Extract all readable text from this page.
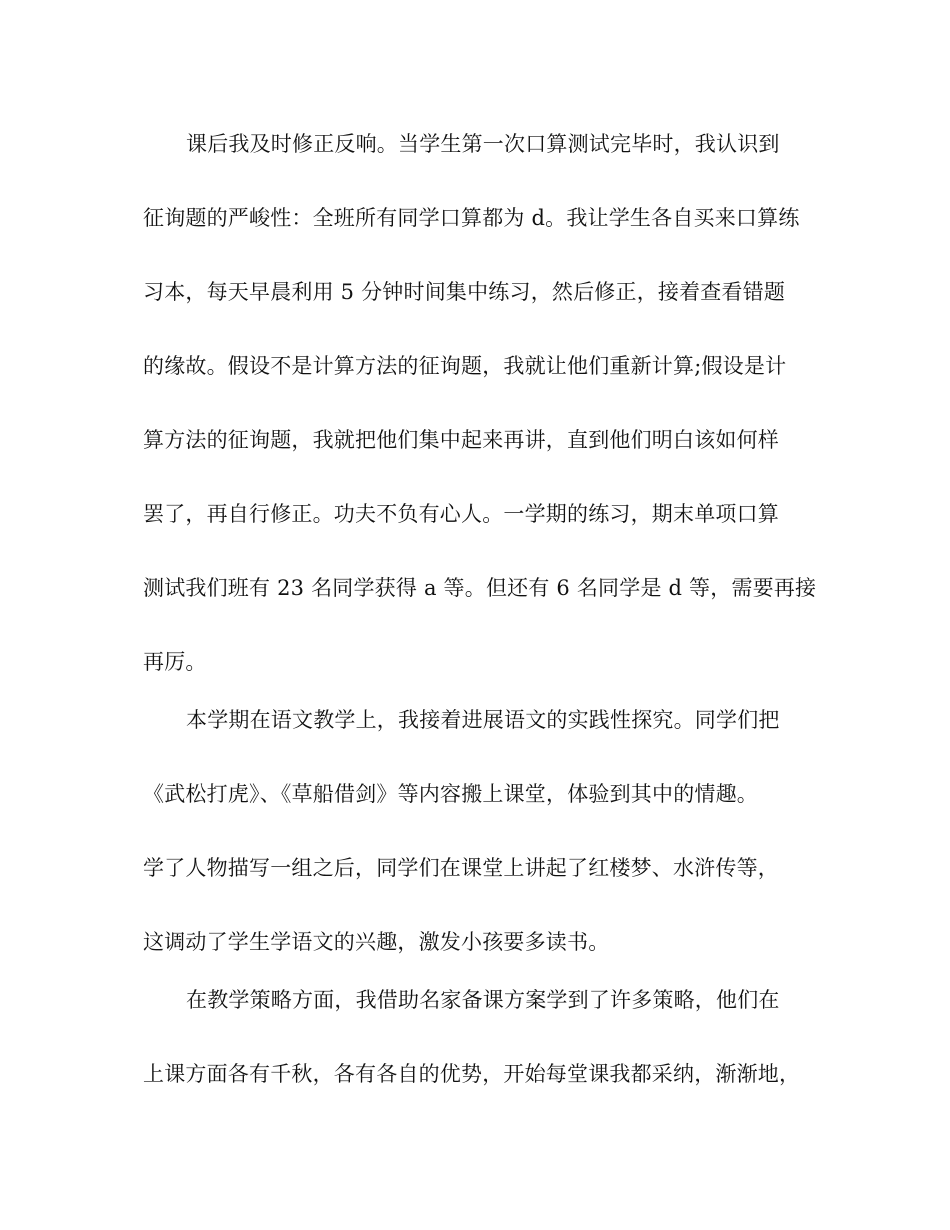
课后我及时修正反响。当学生第一次口算测试完毕时，我认识到

征询题的严峻性：全班所有同学口算都为 d。我让学生各自买来口算练

习本，每天早晨利用 5 分钟时间集中练习，然后修正，接着查看错题

的缘故。假设不是计算方法的征询题，我就让他们重新计算;假设是计

算方法的征询题，我就把他们集中起来再讲，直到他们明白该如何样

罢了，再自行修正。功夫不负有心人。一学期的练习，期末单项口算

测试我们班有 23 名同学获得 a 等。但还有 6 名同学是 d 等，需要再接

再厉。

本学期在语文教学上，我接着进展语文的实践性探究。同学们把

《武松打虎》、《草船借剑》等内容搬上课堂，体验到其中的情趣。

学了人物描写一组之后，同学们在课堂上讲起了红楼梦、水浒传等，

这调动了学生学语文的兴趣，激发小孩要多读书。

在教学策略方面，我借助名家备课方案学到了许多策略，他们在

上课方面各有千秋，各有各自的优势，开始每堂课我都采纳，渐渐地，
